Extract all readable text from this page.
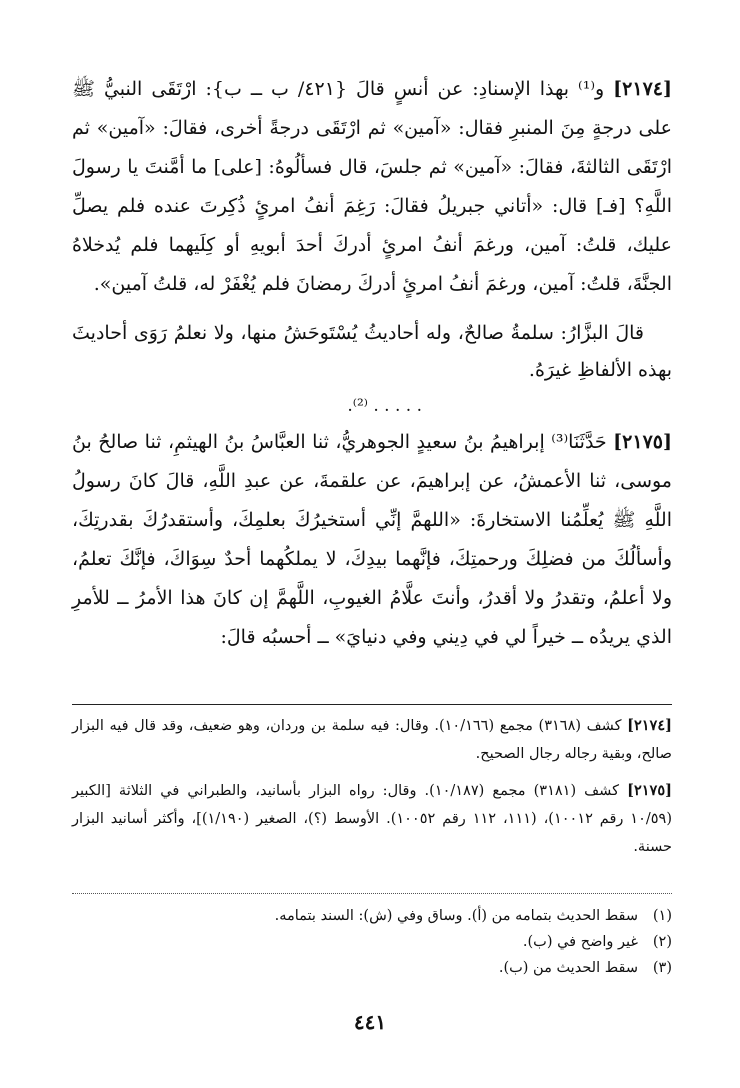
[٢١٧٤] و⁽¹⁾ بهذا الإسنادِ: عن أنسٍ قالَ {٤٢١/ ب ــ ب}: ارْتَقَى النبيُّ ﷺ على درجةٍ مِنَ المنبرِ فقال: «آمين» ثم ارْتَقَى درجةً أخرى، فقالَ: «آمين» ثم ارْتَقَى الثالثةَ، فقالَ: «آمين» ثم جلسَ، قال فسألُوهُ: [على] ما أمَّنتَ يا رسولَ اللَّهِ؟ [فـ] قال: «أتاني جبريلُ فقالَ: رَغِمَ أنفُ امرئٍ ذُكِرتَ عنده فلم يصلِّ عليك، قلتُ: آمين، ورغمَ أنفُ امرئٍ أدركَ أحدَ أبويهِ أو كِلَيهما فلم يُدخلاهُ الجنَّةَ، قلتُ: آمين، ورغمَ أنفُ امرئٍ أدركَ رمضانَ فلم يُغْفَرْ له، قلتُ آمين».

قالَ البزَّارُ: سلمةُ صالحٌ، وله أحاديثُ يُسْتَوحَشُ منها، ولا نعلمُ رَوَى أحاديثَ بهذه الألفاظِ غيرَهُ.

. . . . . ⁽²⁾.

[٢١٧٥] حَدَّثَنَا⁽³⁾ إبراهيمُ بنُ سعيدٍ الجوهريُّ، ثنا العبَّاسُ بنُ الهيثمِ، ثنا صالحُ بنُ موسى، ثنا الأعمشُ، عن إبراهيمَ، عن علقمةَ، عن عبدِ اللَّهِ، قالَ كانَ رسولُ اللَّهِ ﷺ يُعلِّمُنا الاستخارةَ: «اللهمَّ إنِّي أستخيرُكَ بعلمِكَ، وأستقدرُكَ بقدرتِكَ، وأسألُكَ من فضلِكَ ورحمتِكَ، فإنَّهما بيدِكَ، لا يملكُهما أحدٌ سِوَاكَ، فإنَّكَ تعلمُ، ولا أعلمُ، وتقدرُ ولا أقدرُ، وأنتَ علَّامُ الغيوبِ، اللَّهمَّ إن كانَ هذا الأمرُ ــ للأمرِ الذي يريدُه ــ خيراً لي في دِيني وفي دنيايَ» ــ أحسبُه قالَ:

[٢١٧٤] كشف (٣١٦٨) مجمع (١٠/١٦٦). وقال: فيه سلمة بن وردان، وهو ضعيف، وقد قال فيه البزار صالح، وبقية رجاله رجال الصحيح.

[٢١٧٥] كشف (٣١٨١) مجمع (١٠/١٨٧). وقال: رواه البزار بأسانيد، والطبراني في الثلاثة [الكبير (١٠/٥٩ رقم ١٠٠١٢)، (١١١، ١١٢ رقم ١٠٠٥٢). الأوسط (؟)، الصغير (١/١٩٠)]، وأكثر أسانيد البزار حسنة.

(١)سقط الحديث بتمامه من (أ). وساق وفي (ش): السند بتمامه.
(٢)غير واضح في (ب).
(٣)سقط الحديث من (ب).
٤٤١
